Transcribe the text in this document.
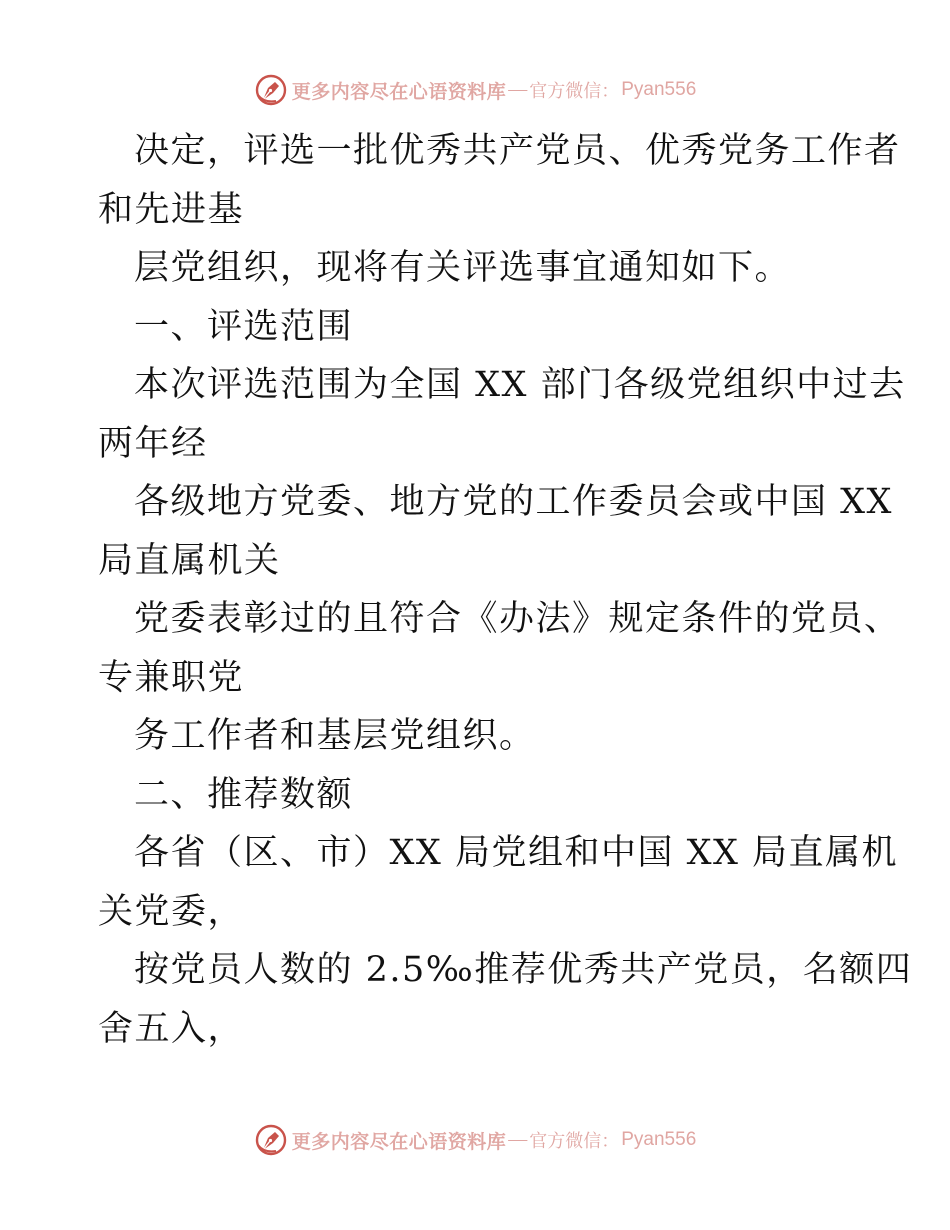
更多内容尽在心语资料库 — 官方微信： Pyan556
决定，评选一批优秀共产党员、优秀党务工作者
和先进基
层党组织，现将有关评选事宜通知如下。
一、评选范围
本次评选范围为全国 XX 部门各级党组织中过去
两年经
各级地方党委、地方党的工作委员会或中国 XX
局直属机关
党委表彰过的且符合《办法》规定条件的党员、
专兼职党
务工作者和基层党组织。
二、推荐数额
各省（区、市）XX 局党组和中国 XX 局直属机
关党委，
按党员人数的 2.5‰推荐优秀共产党员，名额四
舍五入，
更多内容尽在心语资料库 — 官方微信： Pyan556
